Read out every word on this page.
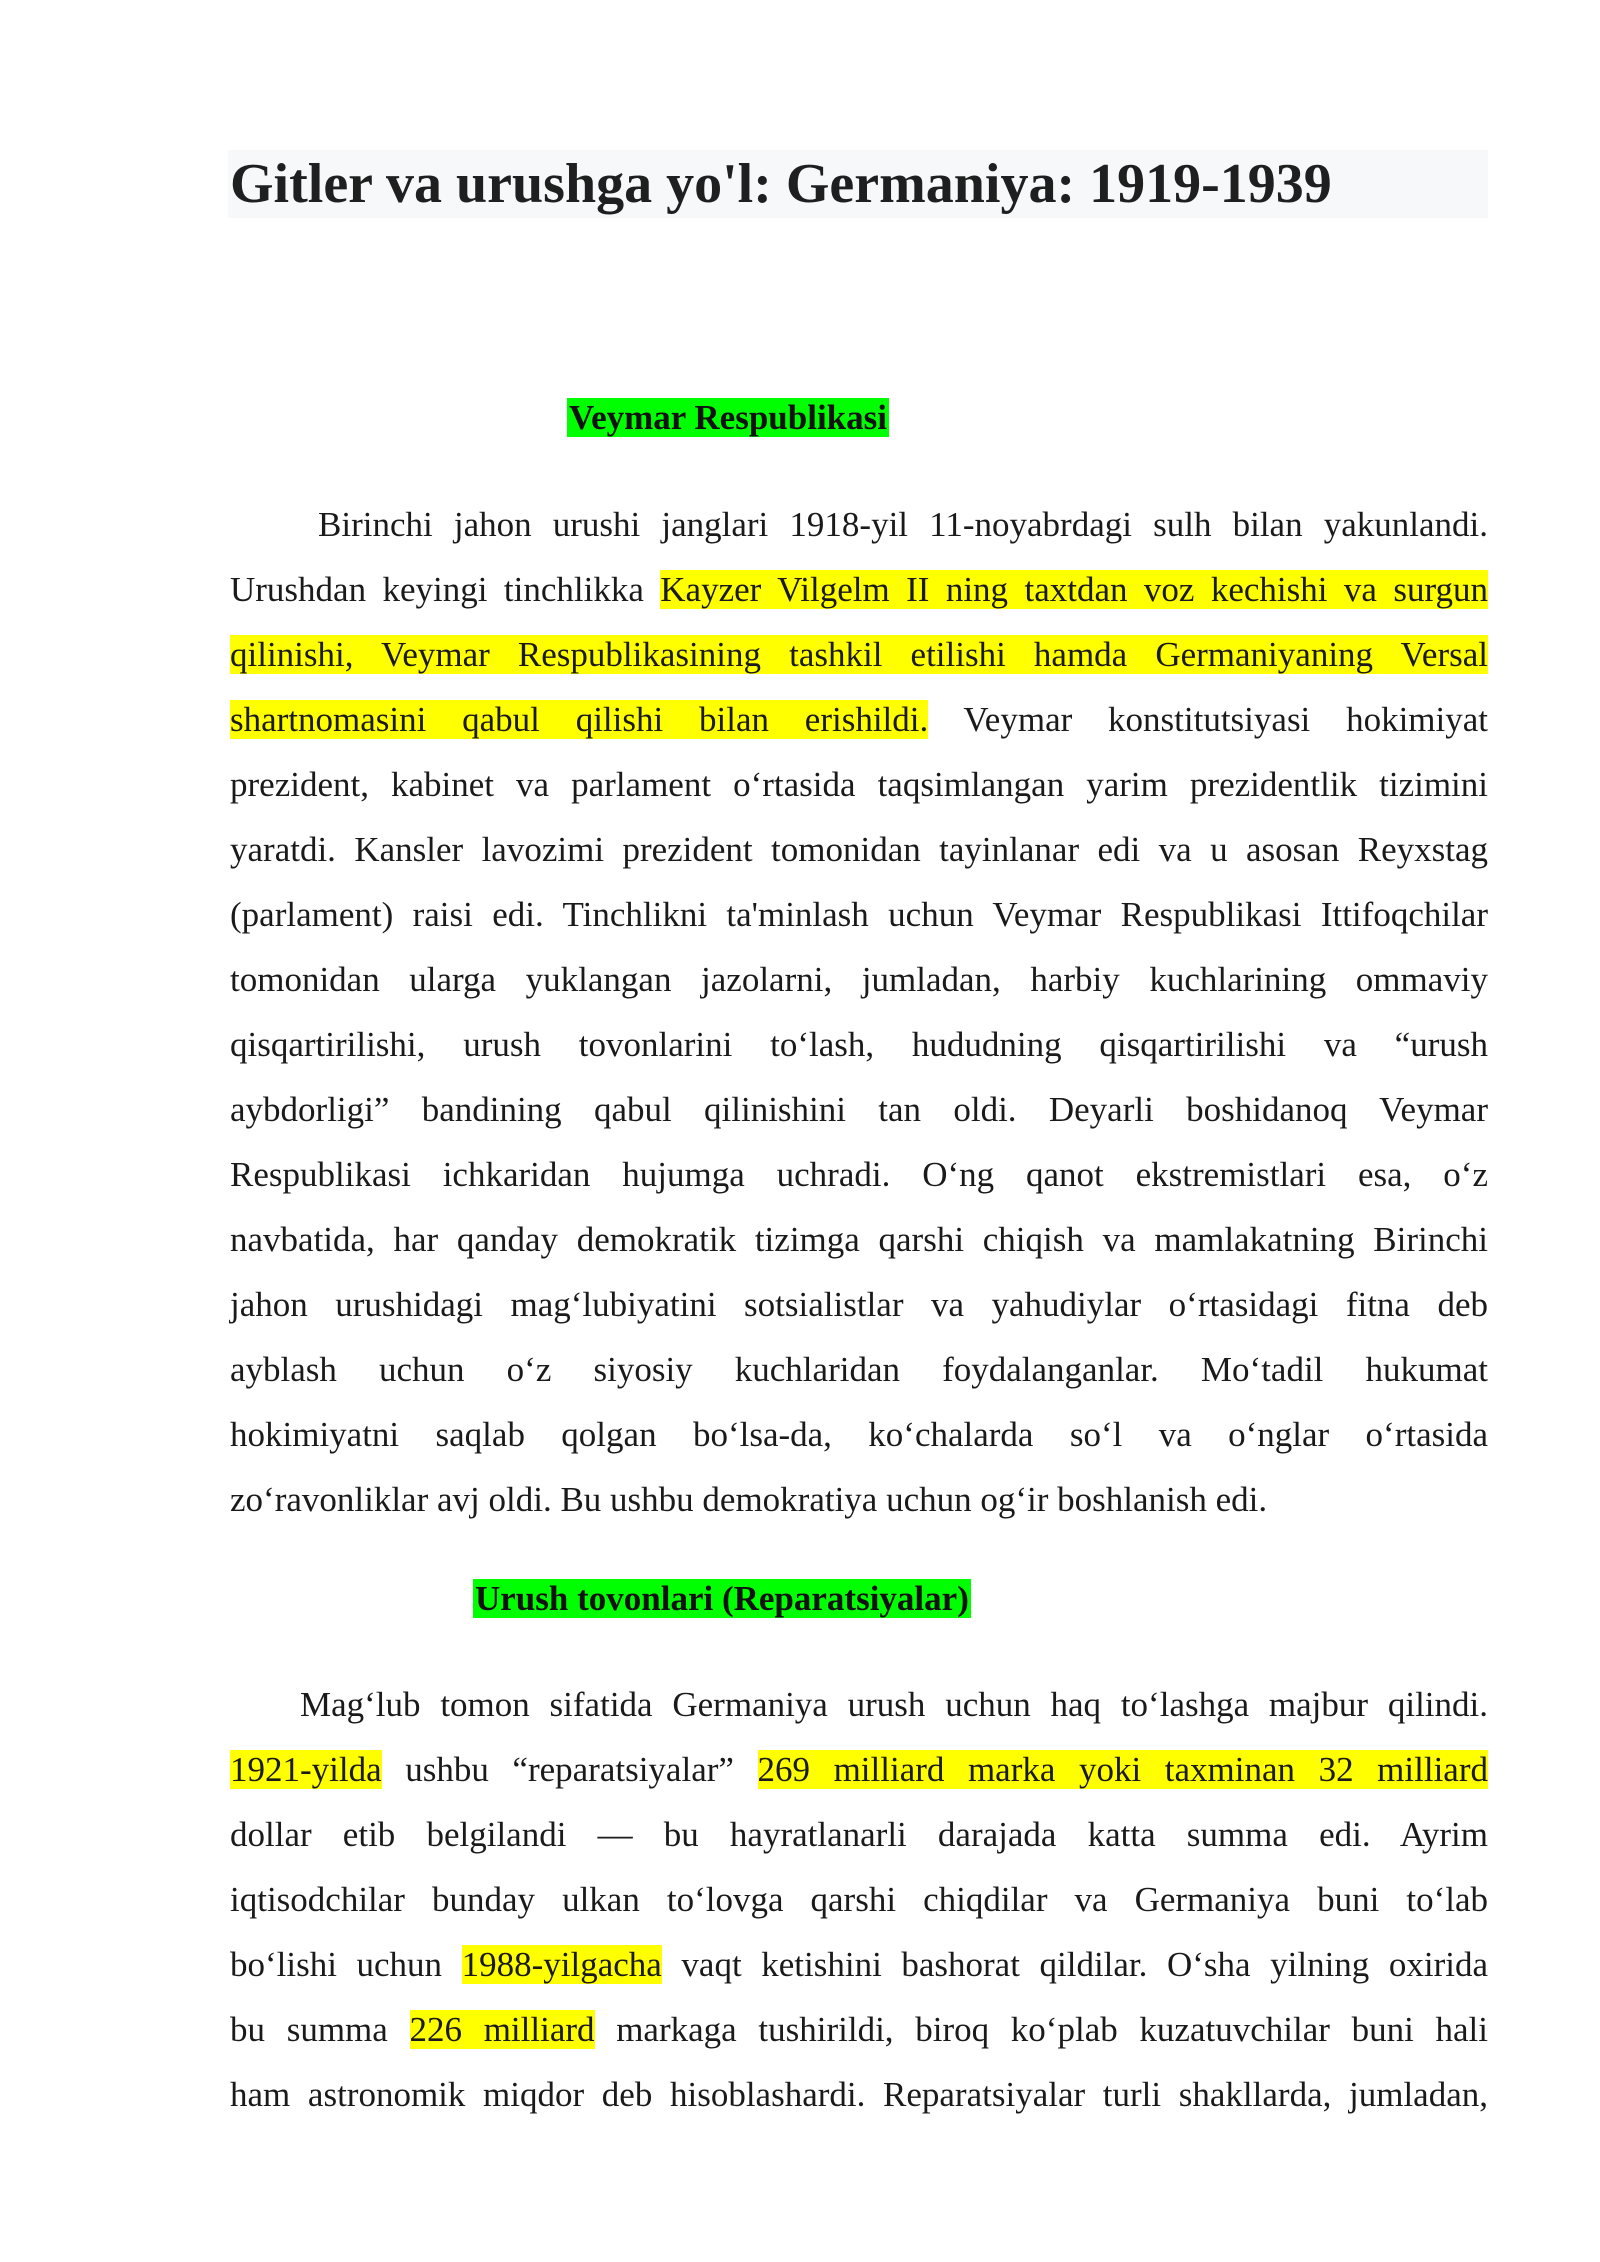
Gitler va urushga yo'l: Germaniya: 1919-1939
Veymar Respublikasi

Birinchi jahon urushi janglari 1918-yil 11-noyabrdagi sulh bilan yakunlandi.
Urushdan keyingi tinchlikka Kayzer Vilgelm II ning taxtdan voz kechishi va surgun
qilinishi, Veymar Respublikasining tashkil etilishi hamda Germaniyaning Versal
shartnomasini qabul qilishi bilan erishildi. Veymar konstitutsiyasi hokimiyat
prezident, kabinet va parlament oʻrtasida taqsimlangan yarim prezidentlik tizimini
yaratdi. Kansler lavozimi prezident tomonidan tayinlanar edi va u asosan Reyxstag
(parlament) raisi edi. Tinchlikni ta'minlash uchun Veymar Respublikasi Ittifoqchilar
tomonidan ularga yuklangan jazolarni, jumladan, harbiy kuchlarining ommaviy
qisqartirilishi, urush tovonlarini toʻlash, hududning qisqartirilishi va “urush
aybdorligi” bandining qabul qilinishini tan oldi. Deyarli boshidanoq Veymar
Respublikasi ichkaridan hujumga uchradi. Oʻng qanot ekstremistlari esa, oʻz
navbatida, har qanday demokratik tizimga qarshi chiqish va mamlakatning Birinchi
jahon urushidagi magʻlubiyatini sotsialistlar va yahudiylar oʻrtasidagi fitna deb
ayblash uchun oʻz siyosiy kuchlaridan foydalanganlar. Moʻtadil hukumat
hokimiyatni saqlab qolgan boʻlsa-da, koʻchalarda soʻl va oʻnglar oʻrtasida
zoʻravonliklar avj oldi. Bu ushbu demokratiya uchun ogʻir boshlanish edi.

Urush tovonlari (Reparatsiyalar)

Magʻlub tomon sifatida Germaniya urush uchun haq toʻlashga majbur qilindi.
1921-yilda ushbu “reparatsiyalar” 269 milliard marka yoki taxminan 32 milliard
dollar etib belgilandi — bu hayratlanarli darajada katta summa edi. Ayrim
iqtisodchilar bunday ulkan toʻlovga qarshi chiqdilar va Germaniya buni toʻlab
boʻlishi uchun 1988-yilgacha vaqt ketishini bashorat qildilar. Oʻsha yilning oxirida
bu summa 226 milliard markaga tushirildi, biroq koʻplab kuzatuvchilar buni hali
ham astronomik miqdor deb hisoblashardi. Reparatsiyalar turli shakllarda, jumladan,
